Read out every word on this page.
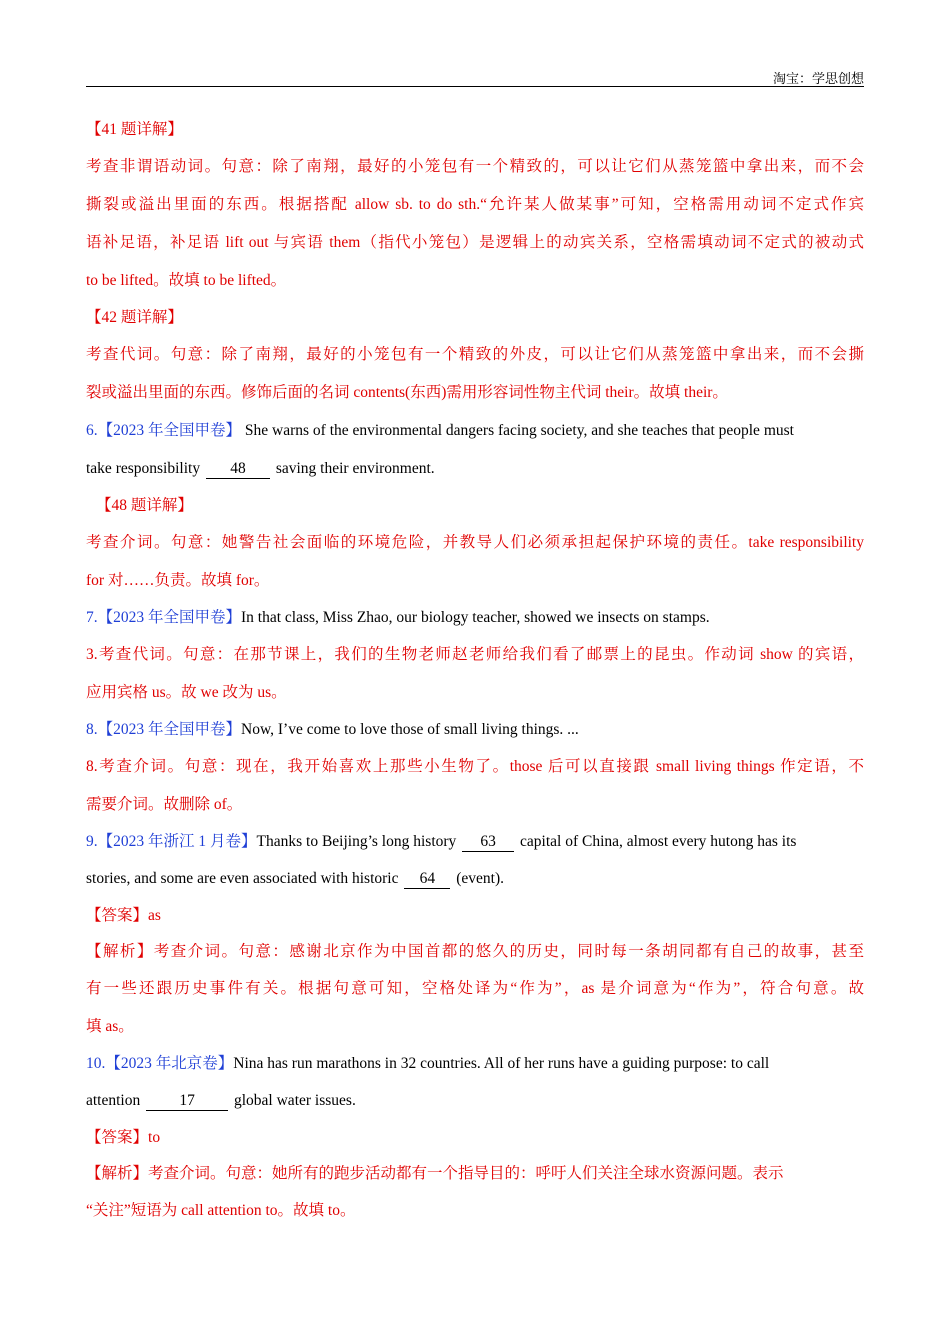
淘宝：学思创想
【41 题详解】
考查非谓语动词。句意：除了南翔，最好的小笼包有一个精致的，可以让它们从蒸笼篮中拿出来，而不会
撕裂或溢出里面的东西。根据搭配 allow sb. to do sth.“允许某人做某事”可知，空格需用动词不定式作宾
语补足语，补足语 lift out 与宾语 them（指代小笼包）是逻辑上的动宾关系，空格需填动词不定式的被动式
to be lifted。故填 to be lifted。
【42 题详解】
考查代词。句意：除了南翔，最好的小笼包有一个精致的外皮，可以让它们从蒸笼篮中拿出来，而不会撕
裂或溢出里面的东西。修饰后面的名词 contents(东西)需用形容词性物主代词 their。故填 their。
6.【2023 年全国甲卷】 She warns of the environmental dangers facing society, and she teaches that people must
take responsibility 48 saving their environment.
【48 题详解】
考查介词。句意：她警告社会面临的环境危险，并教导人们必须承担起保护环境的责任。take responsibility
for 对……负责。故填 for。
7.【2023 年全国甲卷】In that class, Miss Zhao, our biology teacher, showed we insects on stamps.
3.考查代词。句意：在那节课上，我们的生物老师赵老师给我们看了邮票上的昆虫。作动词 show 的宾语，
应用宾格 us。故 we 改为 us。
8.【2023 年全国甲卷】Now, I’ve come to love those of small living things. ...
8.考查介词。句意：现在，我开始喜欢上那些小生物了。those 后可以直接跟 small living things 作定语，不
需要介词。故删除 of。
9.【2023 年浙江 1 月卷】Thanks to Beijing’s long history 63 capital of China, almost every hutong has its
stories, and some are even associated with historic 64 (event).
【答案】as
【解析】考查介词。句意：感谢北京作为中国首都的悠久的历史，同时每一条胡同都有自己的故事，甚至
有一些还跟历史事件有关。根据句意可知，空格处译为“作为”，as 是介词意为“作为”，符合句意。故
填 as。
10.【2023 年北京卷】Nina has run marathons in 32 countries. All of her runs have a guiding purpose: to call
attention 17 global water issues.
【答案】to
【解析】考查介词。句意：她所有的跑步活动都有一个指导目的：呼吁人们关注全球水资源问题。表示
“关注”短语为 call attention to。故填 to。
